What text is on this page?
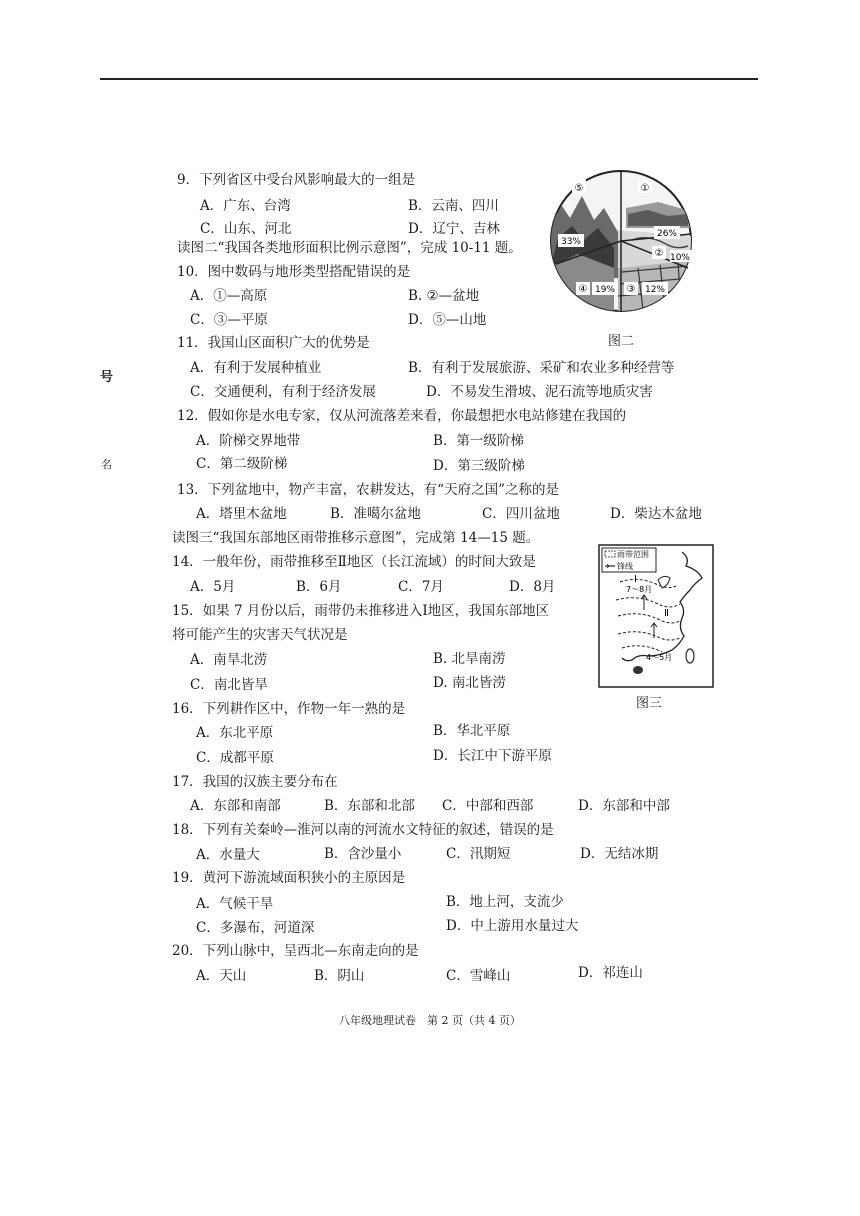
号
名
9．下列省区中受台风影响最大的一组是
A．广东、台湾	B．云南、四川
C．山东、河北	D．辽宁、吉林
读图二“我国各类地形面积比例示意图”，完成 10-11 题。
10．图中数码与地形类型搭配错误的是
A．①—高原	B. ②—盆地
C．③—平原	D．⑤—山地
11．我国山区面积广大的优势是
A．有利于发展种植业	B．有利于发展旅游、采矿和农业多种经营等
C．交通便利，有利于经济发展	D．不易发生滑坡、泥石流等地质灾害
12．假如你是水电专家，仅从河流落差来看，你最想把水电站修建在我国的
A．阶梯交界地带	B．第一级阶梯
C．第二级阶梯	D．第三级阶梯
13．下列盆地中，物产丰富，农耕发达，有“天府之国”之称的是
A．塔里木盆地	B．准噶尔盆地	C．四川盆地	D．柴达木盆地
读图三“我国东部地区雨带推移示意图”，完成第 14—15 题。
14．一般年份，雨带推移至Ⅱ地区（长江流域）的时间大致是
A．5月	B．6月	C．7月	D．8月
15．如果 7 月份以后，雨带仍未推移进入Ⅰ地区，我国东部地区
将可能产生的灾害天气状况是
A．南旱北涝	B. 北旱南涝
C．南北皆旱	D. 南北皆涝
16．下列耕作区中，作物一年一熟的是
A．东北平原	B．华北平原
C．成都平原	D．长江中下游平原
17．我国的汉族主要分布在
A．东部和南部	B．东部和北部 C．中部和西部	D．东部和中部
18．下列有关秦岭—淮河以南的河流水文特征的叙述，错误的是
A．水量大	B．含沙量小	C．汛期短	D．无结冰期
19．黄河下游流域面积狭小的主原因是
A．气候干旱	B．地上河，支流少
C．多瀑布，河道深	D．中上游用水量过大
20．下列山脉中，呈西北—东南走向的是
A．天山	B．阴山	C．雪峰山	D．祁连山
⑤	①
26%
33%
② 10%
④ 19% ③ 12%
图二
雨带范围
锋线
Ⅰ
7～8月
Ⅱ
4～5月
图三
八年级地理试卷　第 2 页（共 4 页）
